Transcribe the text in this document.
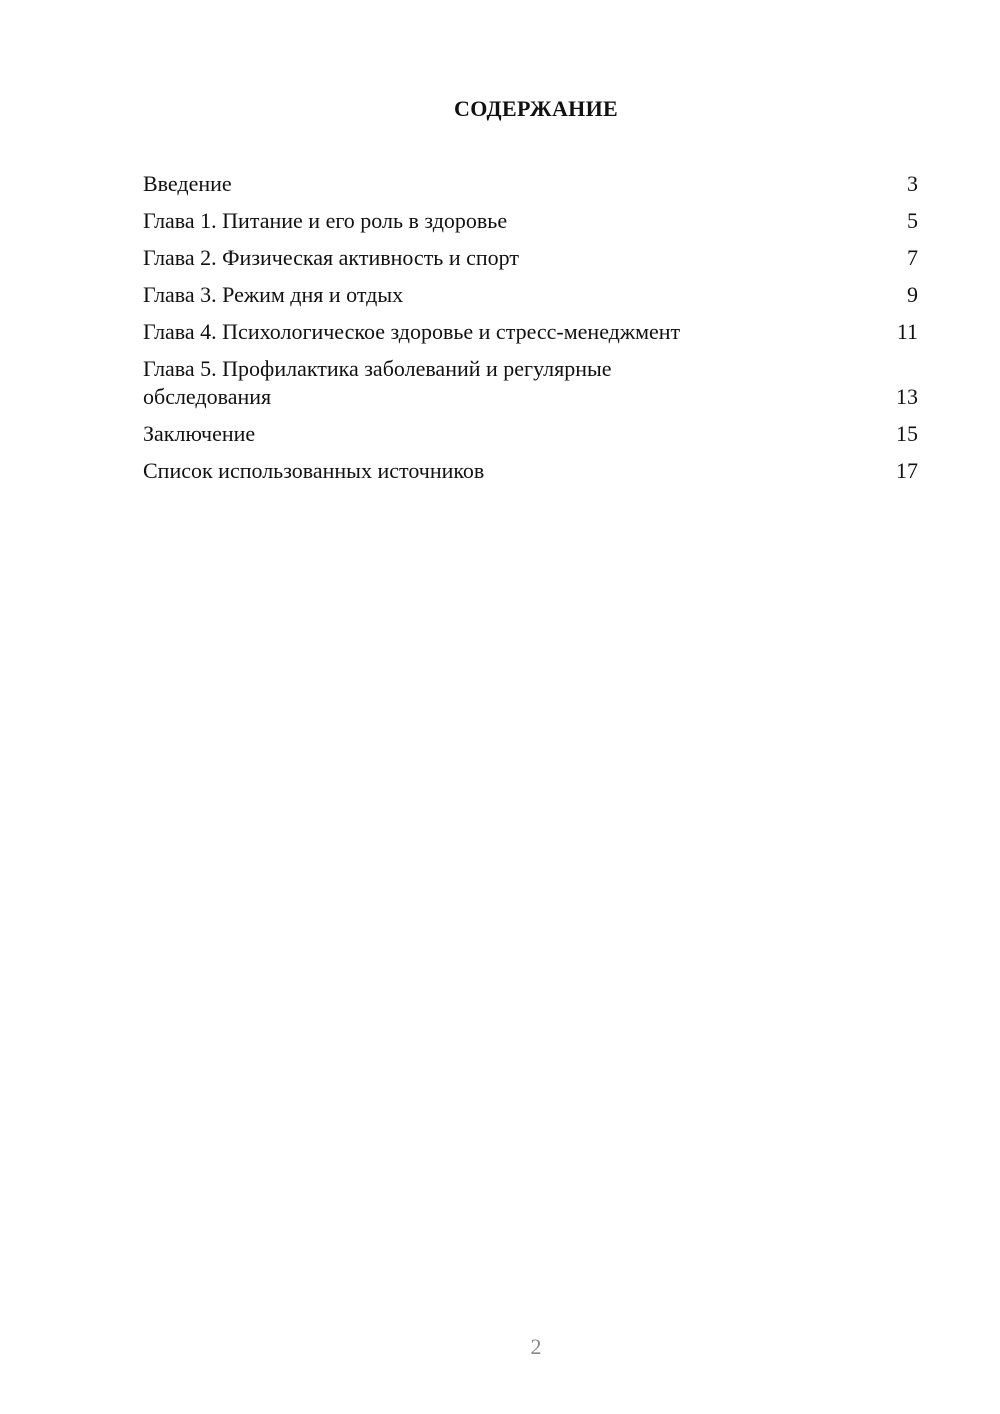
СОДЕРЖАНИЕ
Введение	3
Глава 1. Питание и его роль в здоровье	5
Глава 2. Физическая активность и спорт	7
Глава 3. Режим дня и отдых	9
Глава 4. Психологическое здоровье и стресс-менеджмент	11
Глава 5. Профилактика заболеваний и регулярные обследования	13
Заключение	15
Список использованных источников	17
2
